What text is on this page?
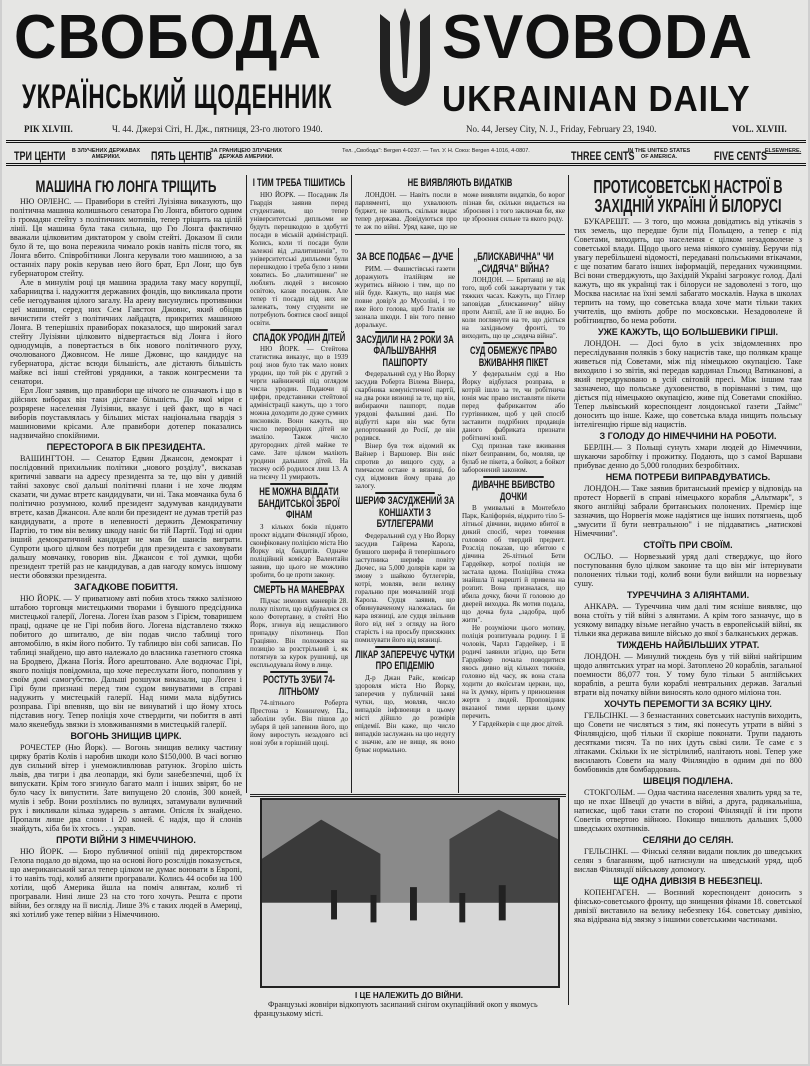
СВОБОДА SVOBODA
УКРАЇНСЬКИЙ ЩОДЕННИК	UKRAINIAN DAILY
РІК XLVIII.	Ч. 44. Джерзі Сіті, Н. Дж., пятниця, 23-го лютого 1940.	No. 44, Jersey City, N. J., Friday, February 23, 1940.	VOL. XLVIII.
ТРИ ЦЕНТИ	В ЗЛУЧЕНИХ ДЕРЖАВАХ АМЕРИКИ.	ПЯТЬ ЦЕНТІВ
ЗА ГРАНИЦЕЮ ЗЛУЧЕНИХ ДЕРЖАВ АМЕРИКИ.
Тел. „Свобода": Bergen 4-0237. — Тел. У. Н. Союз: Bergen 4-1016, 4-0807.	THREE CENTS
IN THE UNITED STATES OF AMERICA.	FIVE CENTS
ELSEWHERE.
МАШИНА ГЮ ЛОНГА ТРІЩИТЬ

НЮ ОРЛЕНС. — Правибори в стейті Луізіяна виказують, що політична машина колишнього сенатора Гю Лонга, вбитого одним із громадян стейту з політичних мотивів, тепер тріщить на цілій лінії. Ця машина була така сильна, що Гю Лонга фактично вважали цілковитим диктатором у своїм стейті. Доказом її сили було й те, що вона пережила чимало років навіть після того, як Лонга вбито. Співробітники Лонга керували тою машиною, а за останніх пару років керував нею його брат, Ерл Лонг, що був губернатором стейту.

Але в минулім році ця машина зрадила таку масу корупції, хабарництва і. надужиття державних фондів, що викликала проти себе негодування цілого загалу. На арену висунулись противники цеї машини, серед них Сем Гавстон Джовнс, який обіцяв вичистити стейт з політичних лайдацтв, прикритих машиною Лонга. В теперішніх правиборах показалося, що широкий загал стейту Луізіяни цілковито відвертається від Лонга і його однодумців, а повертається в бік нового політичного руху, очолюваного Джовнсом. Не лише Джовнс, що кандидує на губернатора, дістає всюди більшість, але дістають більшість майже всі інші стейтові урядники, а також конгресмени та сенатори.

Ерл Лонг заявив, що правибори ще нічого не означають і що в дійсних виборах він таки дістане більшість. До якої міри є розрярене населення Луізіяни, вказує і цей факт, що в часі виборів поуставлялась у більших містах національна гвардія з машиновими крісами. Але правибори дотепер показались надзвичайно спокійними.

ПЕРЕСТОРОГА В БІК ПРЕЗИДЕНТА.

ВАШИНГТОН. — Сенатор Едвин Джансон, демократ і послідовний прихильник політики „нового розділу", висказав критичні завваги на адресу президента за те, що він у дивній тайні заховує свої дальші політичні плани і не хоче людям сказати, чи думає втретє кандидувати, чи ні. Така мовчанка була б політично розумною, колиб президент задумував кандидувати втретє, казав Джансон. Але коли би президент не думав третій раз кандидувати, а проте в непевності держить Демократичну Партію, то тим він велику шкоду наніс би тій Партії. Тоді ні один інший демократичний кандидат не мав би шансів виграти. Супроти цього цілком без потреби для президента є заховувати дальшу мовчанку, говорив він. Джансон є тої думки, щоби президент третій раз не кандидував, а дав нагоду комусь іншому нести обовязки президента.

ЗАГАДКОВЕ ПОБИТТЯ.

НЮ ЙОРК. — У приватному авті побив хтось тяжко залізною штабою торговця мистецькими творами і бувшого предсідника мистецької галерії, Логена. Логен їхав разом з Гірієм, товаришем праці, одначе це не Гірі побив його. Логена відставлено тяжко побитого до шпиталю, де він подав число таблиці того автомобілю, в якім його побито. Ту таблицю він собі записав. По таблиці знайдено, що авто належало до власника газетного стояка на Бродвею, Джана Погія. Його арештовано. Але водночас Гірі, якого поліція повідомила, що хоче переслухати його, пополнив у своїм домі самогубство. Дальші розшуки виказали, що Логен і Гірі були признані перед тим судом винуватими в справі надужить у мистецькій галерії. Над ними мала відбутись розправа. Гірі впевняв, що він не винуватий і що йому хтось підставив ногу. Тепер поліція хоче ствердити, чи побиття в авті мало якенебудь звязки із зловживаннями в мистецькій галерії.

ВОГОНЬ ЗНИЩИВ ЦИРК.

РОЧЕСТЕР (Ню Йорк). — Вогонь знищив велику частину цирку братів Колів і наробив шкоди коло $150,000. В часі вогню дув сильний вітер і унеможливлював ратунок. Згоріло шість львів, два тигри і два леопарди, які були занебезпечні, щоб їх випускати. Крім того згинуло багато малп і інших звірят, бо не було часу їх випустити. Зате випущено 20 слонів, 300 коней, мулів і зебр. Вони розлізлись по вулицях, затамували вуличний рух і викликали кілька зударень з автами. Опісля їх знайдено. Пропали лише два слони і 20 коней. Є надія, що й слонів знайдуть, хіба би їх хтось . . . украв.

ПРОТИ ВІЙНИ З НІМЕЧЧИНОЮ.

НЮ ЙОРК. — Бюро публичної опінії під директорством Гелопа подало до відома, що на основі його розслідів показується, що американський загал тепер цілком не думає воювати в Европі, і то навіть тоді, колиб алянти програвали. Колись 44 особи на 100 хотіли, щоб Америка йшла на поміч алянтам, колиб ті програвали. Нині лише 23 на сто того хочуть. Решта є проти війни, без огляду на її вислід. Лише 3% є таких людей в Америці, які хотілиб уже тепер війни з Німеччиною.

І ТИМ ТРЕБА ТІШИТИСЬ

НЮ ЙОРК. — Посадник Ля Гвардія заявив перед студентами, що тепер університетські дипльоми не будуть перешкодою в здобутті посади в міській адміністрації. Колись, коли ті посади були залежні від „палитишенів", то університетські дипльоми були перешкодою і треба було з ними ховатись. Бо „палитишени" не люблять людей з високою освітою, казав посадник. Але тепер ті посади від них не залежать, тому студенти не потребують боятися своєї вищої освіти.

СПАДОК УРОДИН ДІТЕЙ

НЮ ЙОРК. — Стейтова статистика виказує, що в 1939 році знов було так мало нових уродин, що той рік є другий з черги найнижчий під оглядом числа уродин. Подаючи ці цифри, представники стейтової адміністрації кажуть, що з того можна доходити до дуже сумних висновків. Вони кажуть, що число перворідних дітей не змаліло. Також число другородних дітей майже те саме. Зате цілком маліють уродини дальших дітей. На тисячу осіб родилося лиш 13. А на тисячу 11 умирають.

НЕ МОЖНА ВІДДАТИ БАНДИТСЬКОЇ ЗБРОЇ ФІНАМ

З кількох боків піднято проєкт віддати Фінляндії зброю, сконфіковану поліцією міста Ню Йорку від бандитів. Одначе поліційний комісар Валентайн заявив, що цього не можливо зробити, бо це проти закону.

СМЕРТЬ НА МАНЕВРАХ

Підчас зимових маневрів 28. полку піхоти, що відбувалися ся коло Фотертавну, в стейті Ню Йорк, згинув від нещасливого припадку піхотинець Пол Граціяно. Він положився на позицію за розстрільний і, як потягнув за курок рушниці, ця експльодувала йому в лице.

РОСТУТЬ ЗУБИ 74-ЛІТНЬОМУ

74-літнього Роберта Престона з Конингему, Па., заболіли зуби. Він пішов до зубаря й цей запевнив його, що йому виростуть незадовго всі нові зуби в горішній щоці.

НЕ ВИЯВЛЯЮТЬ ВИДАТКІВ

ЛОНДОН. — Навіть посли в парляменті, що ухвалюють буджет, не знають, скільки видає тепер держава. Довідуються про те аж по війні. Уряд каже, що не може виявляти видатків, бо ворог пізнав би, скільки видається на зброєння і з того заключав би, яке це зброєння сильне та якого роду.

ЗА ВСЕ ПОДБАЄ — ДУЧЕ

РИМ. — Фашистівські газети доражують італійцям не журитись війною і тим, що по ній буде. Кажуть, що нація має повне довір'я до Мусоліні, і то вже його голова, щоб Італія не зазнала шкоди. І він того певно доралькує.

ЗАСУДИЛИ НА 2 РОКИ ЗА ФАЛЬШУВАННЯ ПАШПОРТУ

Федеральний суд у Ню Йорку засудив Роберта Вілема Вінера, скарбника комуністичної партії, на два роки вязниці за те, що він, вибираючи пашпорт, подав урядові фальшиві дані. По відбутті кари він має бути депортований до Росії, де він родився.

Вінер був теж відомий як Вайнер і Варшовер. Він вніс спротив до вищого суду, а тимчасом остане в вязниці, бо суд відмовив йому права до залогу.

ШЕРИФ ЗАСУДЖЕНИЙ ЗА КОНШАХТИ З БУТЛЕГЕРАМИ

Федеральний суд у Ню Йорку засудив Гайрема Карола, бувшого шерифа й теперішнього заступника шерифа повіту Дючес, на 5,000 долярів кари за змову з шайкою бутлегерів, котрі, мовляв, вели велику горальню при мовчаливій згоді Карола. Судця заявив, що обвинуваченому належалась би кара вязниці, але судця звільнив його від неї з огляду на його старість і на просьбу присяжних помилувати його від вязниці.

ЛІКАР ЗАПЕРЕЧУЄ ЧУТКИ ПРО ЕПІДЕМІЮ

Д-р Джан Райс, комісар здоровля міста Ню Йорку, заперечив у публичній заяві чутки, що, мовляв, число випадків інфлюенци в цьому місті дійшло до розмірів епідемії. Він каже, що число випадків заслужань на цю недугу є значне, але не вище, як воно буває нормально.

„БЛИСКАВИЧНА" ЧИ „СИДЯЧА" ВІЙНА?

ЛОНДОН. — Британці не від того, щоб собі зажартувати у так тяжких часах. Кажуть, що Гітлер заповідав „блискавичну" війну проти Англії, але її не видно. Бо коли поглянути на те, що діється на західньому фронті, то виходить, що це „сидяча війна".

СУД ОБМЕЖУЄ ПРАВО ВЖИВАННЯ ПІКЕТ

У федеральнім суді в Ню Йорку відбулася розправа, в котрій ішло за те, чи робітнича юнія має право виставляти пікети перед фабрикантом або гуртівником, щоб у цей спосіб заставити подрібних продавців даного фабриката признати робітничі юнії.

Суд признав таке вживання пікет безправним, бо, мовляв, це булаб не пікета, а бойкот, а бойкот заборонений законом.

ДИВАЧНЕ ВБИВСТВО ДОЧКИ

В умивальні в Монтебело Парк, Каліфорнія, відкрито тіло 5-літньої дівчини, видимо вбитої в дикий спосіб, через товчення головою об твердий предмет. Розслід показав, що вбитою є дівчина 26-літньої Бети Гардейкер, котрої поліція не застала вдома. Поліційна стежа знайшла її нарешті й привела на розпит. Вона призналася, що вбила дочку, бючи її головою до дверей виходка. Як мотив подала, що дочка була „задобра, щоб жити".

Не розуміючи цього мотиву, поліція розпитувала родину. І її чоловік, Чарлз Гардейкер, і її родичі заявили згідно, що Бети Гардейкер почала поводитися якось дивно від кількох тижнів, головно від часу, як вона стала ходити до якоїсьтам церкви, що, на їх думку, вірить у приношення жертв з людей. Проповідник вказаної тими церкви цьому перечить.

У Гардейкерів є ще двоє дітей.

І ЦЕ НАЛЕЖИТЬ ДО ВІЙНИ.
Французькі жовніри відкопують засипаний снігом окупаційний окоп у якомусь французькому місті.
ПРОТИСОВЕТСЬКІ НАСТРОЇ В ЗАХІДНІЙ УКРАЇНІ Й БІЛОРУСІ

БУКАРЕШТ. — З того, що можна довідатись від утікачів з тих земель, що передше були під Польщею, а тепер є під Советами, виходить, що населення є цілком незадоволене з советської влади. Щодо цього нема ніякого сумніву. Беручи під увагу перебільшені відомості, передавані польськими втікачами, є ще позатим багато інших інформацій, переданих чужинцями. Всі вони стверджують, що Західній Україні загрожує голод. Далі кажуть, що як українці так і білоруси не задоволені з того, що Москва насилає на їхні землі забагато москалів. Наука в школах терпить на тому, що советська влада хоче мати тільки таких учителів, що вміють добре по московськи. Незадоволене й робітництво, бо нема роботи.

УЖЕ КАЖУТЬ, ЩО БОЛЬШЕВИКИ ГІРШІ.

ЛОНДОН. — Досі було в усіх звідомленнях про переслідування поляків з боку нацистів таке, що полякам краще живеться під Советами, між під німецькою окупацією. Таке виходило і зо звітів, які передав кардинал Гльонд Ватиканові, а який передруковано в усій світовій пресі. Між іншим там зазначено, що польське духовенство, в порівнанні з тим, що діється під німецькою окупацією, живе під Советами спокійно. Тепер львівський кореспондент лондонської газети „Таймс" доносить що інше. Каже, що советська влада нищить польську інтелігенцію гірше від нацистів.

З ГОЛОДУ ДО НІМЕЧЧИНИ НА РОБОТИ.

БЕРЛІН.— З Польщі сунуть хмари людей до Німеччини, шукаючи заробітку і прожитку. Подають, що з самої Варшави прибуває денно до 5,000 голодних безробітних.

НЕМА ПОТРЕБИ ВИПРАВДУВАТИСЬ.

ЛОНДОН.— Таке заявив британський премієр у відповідь на протест Норвегії в справі німецького корабля „Альтмарк", з якого англійці забрали британських полонених. Премієр іще зазначив, що Норвегія може надіятися ще інших потягнень, щоб „змусити її бути невтральною" і не піддаватись „натискові Німеччини".

СТОЇТЬ ПРИ СВОЇМ.

ОСЛЬО. — Норвезький уряд далі стверджує, що його поступовання було цілком законне та що він міг інтернувати полонених тільки тоді, колиб вони були вийшли на норвезьку сушу.

ТУРЕЧЧИНА З АЛІЯНТАМИ.

АНКАРА. — Туреччина чим далі тим ясніше виявляє, що вона стоїть у тій війні з алянтами. А крім того зазначує, що в усякому випадку візьме негайно участь в европейській війні, як тільки яка держава вишле військо до якої з балканських держав.

ТИЖДЕНЬ НАЙБІЛЬШИХ УТРАТ.

ЛОНДОН. — Минулий тиждень був у тій війні найгіршим щодо алянтських утрат на морі. Затоплено 20 кораблів, загальної поемности 86,077 тон. У тому було тільки 5 англійських кораблів, а решта були кораблі невтральних держав. Загальні втрати від початку війни виносять коло одного міліона тон.

ХОЧУТЬ ПЕРЕМОГТИ ЗА ВСЯКУ ЦІНУ.

ГЕЛЬСІНКІ. — З безнастанних советських наступів виходить, що Совети не числяться з тим, які понесуть утрати в війні з Фінляндією, щоб тільки її скоріше поконати. Трупи падають десятками тисяч. Та по них ідуть свіжі сили. Те саме є з літаками. Скільки їх не зістрілилиб, налітають нові. Тепер уже висилають Совети на малу Фінляндію в одним дні по 800 бомбовиків для бомбардовань.

ШВЕЦІЯ ПОДІЛЕНА.

СТОКГОЛЬМ. — Одна частина населення хвалить уряд за те, що не пхає Швеції до участи в війні, а друга, радикальніша, натискає, щоб таки стати по стороні Фінляндії й іти проти Советів отвертою війною. Покищо вишлють дальших 5,000 шведських охотників.

СЕЛЯНИ ДО СЕЛЯН.

ГЕЛЬСІНКІ. — Фінські селяни видали поклик до шведських селян з благанням, щоб натиснули на шведський уряд, щоб вислав Фінляндії військову допомогу.

ЩЕ ОДНА ДИВІЗІЯ В НЕБЕЗПЕЦІ.

КОПЕНГАГЕН. — Воєнний кореспондент доносить з фінсько-советського фронту, що знищення фінами 18. советської дивізії виставило на велику небезпеку 164. советську дивізію, яка відірвана від звязку з іншими советськими частинами.
